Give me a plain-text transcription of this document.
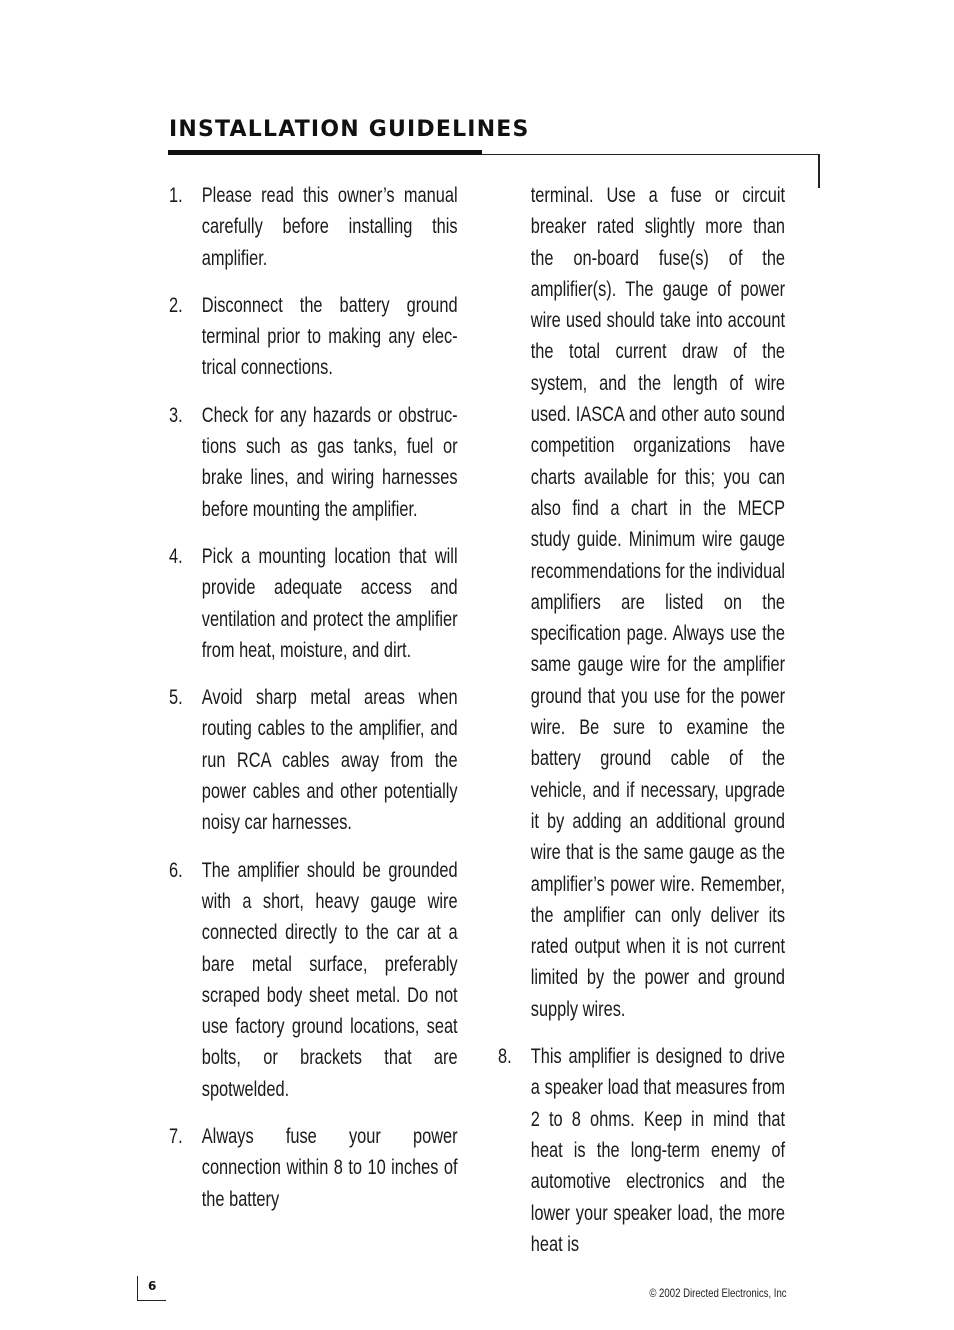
INSTALLATION GUIDELINES
1. Please read this owner’s manual carefully before installing this amplifier.
2. Disconnect the battery ground terminal prior to making any electrical connections.
3. Check for any hazards or obstructions such as gas tanks, fuel or brake lines, and wiring harnesses before mounting the amplifier.
4. Pick a mounting location that will provide adequate access and ventilation and protect the amplifier from heat, moisture, and dirt.
5. Avoid sharp metal areas when routing cables to the amplifier, and run RCA cables away from the power cables and other potentially noisy car harnesses.
6. The amplifier should be grounded with a short, heavy gauge wire connected directly to the car at a bare metal surface, preferably scraped body sheet metal. Do not use factory ground locations, seat bolts, or brackets that are spotwelded.
7. Always fuse your power connection within 8 to 10 inches of the battery
terminal. Use a fuse or circuit breaker rated slightly more than the on-board fuse(s) of the amplifier(s). The gauge of power wire used should take into account the total current draw of the system, and the length of wire used. IASCA and other auto sound competition organizations have charts available for this; you can also find a chart in the MECP study guide. Minimum wire gauge recommendations for the individual amplifiers are listed on the specification page. Always use the same gauge wire for the amplifier ground that you use for the power wire. Be sure to examine the battery ground cable of the vehicle, and if necessary, upgrade it by adding an additional ground wire that is the same gauge as the amplifier’s power wire. Remember, the amplifier can only deliver its rated output when it is not current limited by the power and ground supply wires.
8. This amplifier is designed to drive a speaker load that measures from 2 to 8 ohms. Keep in mind that heat is the long-term enemy of automotive electronics and the lower your speaker load, the more heat is
6	© 2002 Directed Electronics, Inc
